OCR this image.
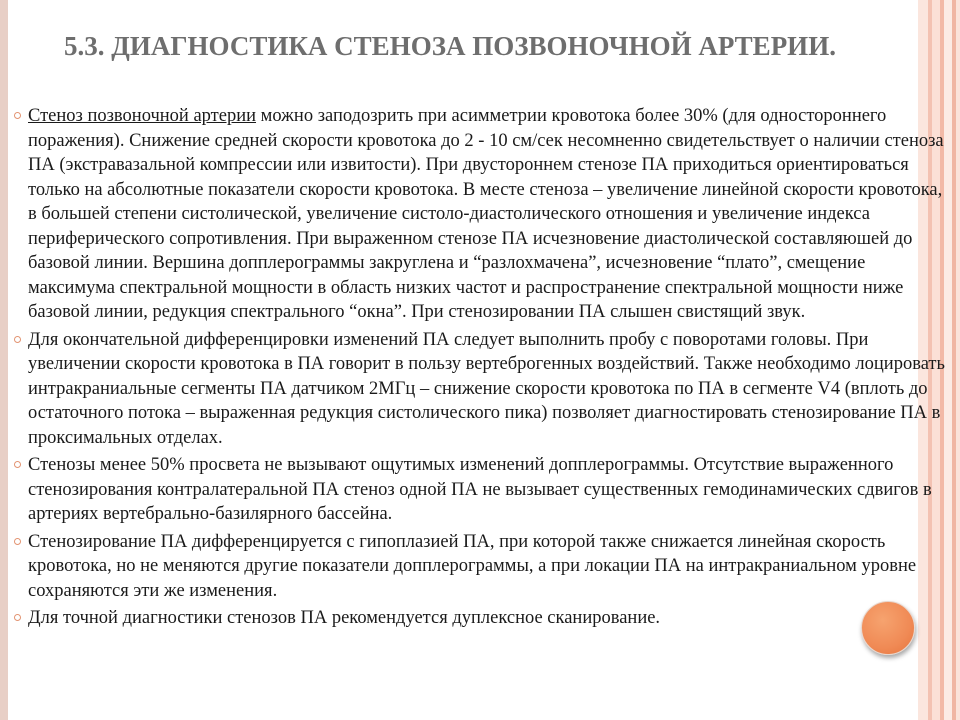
5.3. ДИАГНОСТИКА СТЕНОЗА ПОЗВОНОЧНОЙ АРТЕРИИ.

Стеноз позвоночной артерии можно заподозрить при асимметрии кровотока более 30% (для одностороннего поражения). Снижение средней скорости кровотока до 2 - 10 см/сек несомненно свидетельствует о наличии стеноза ПА (экстравазальной компрессии или извитости). При двустороннем стенозе ПА приходиться ориентироваться только на абсолютные показатели скорости кровотока. В месте стеноза – увеличение линейной скорости кровотока, в большей степени систолической, увеличение систоло-диастолического отношения и увеличение индекса периферического сопротивления. При выраженном стенозе ПА исчезновение диастолической составляюшей до базовой линии. Вершина допплерограммы закруглена и “разлохмачена”, исчезновение “плато”, смещение максимума спектральной мощности в область низких частот и распространение спектральной мощности ниже базовой линии, редукция спектрального “окна”. При стенозировании ПА слышен свистящий звук.

Для окончательной дифференцировки изменений ПА следует выполнить пробу с поворотами головы. При увеличении скорости кровотока в ПА говорит в пользу вертеброгенных воздействий. Также необходимо лоцировать интракраниальные сегменты ПА датчиком 2МГц – снижение скорости кровотока по ПА в сегменте V4 (вплоть до остаточного потока – выраженная редукция систолического пика) позволяет диагностировать стенозирование ПА в проксимальных отделах.

Стенозы менее 50% просвета не вызывают ощутимых изменений допплерограммы. Отсутствие выраженного стенозирования контралатеральной ПА стеноз одной ПА не вызывает существенных гемодинамических сдвигов в артериях вертебрально-базилярного бассейна.

Стенозирование ПА дифференцируется с гипоплазией ПА, при которой также снижается линейная скорость кровотока, но не меняются другие показатели допплерограммы, а при локации ПА на интракраниальном уровне сохраняются эти же изменения.

Для точной диагностики стенозов ПА рекомендуется дуплексное сканирование.
